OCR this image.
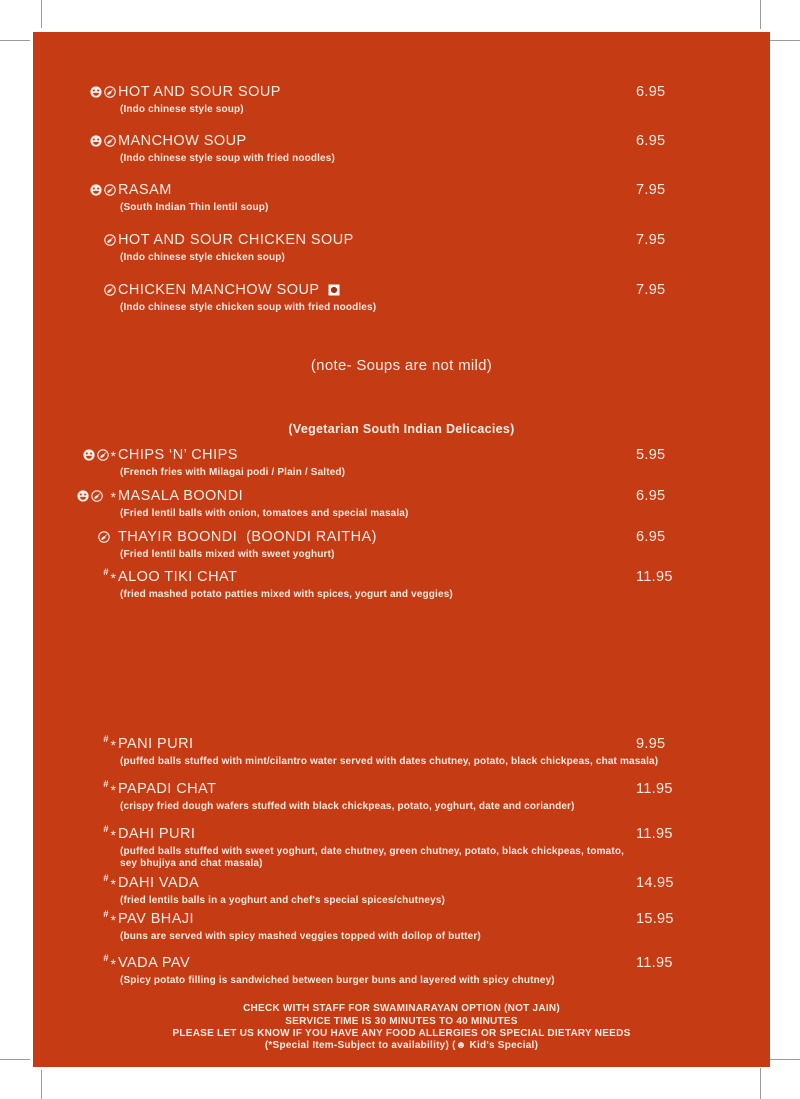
HOT AND SOUR SOUP
(Indo chinese style soup)
6.95
MANCHOW SOUP
(Indo chinese style soup with fried noodles)
6.95
RASAM
(South Indian Thin lentil soup)
7.95
HOT AND SOUR CHICKEN SOUP
(Indo chinese style chicken soup)
7.95
CHICKEN MANCHOW SOUP
(Indo chinese style chicken soup with fried noodles)
7.95
(note- Soups are not mild)
(Vegetarian South Indian Delicacies)
* CHIPS ‘N’ CHIPS
(French fries with Milagai podi / Plain / Salted)
5.95
* MASALA BOONDI
(Fried lentil balls with onion, tomatoes and special masala)
6.95
THAYIR BOONDI  (BOONDI RAITHA)
(Fried lentil balls mixed with sweet yoghurt)
6.95
# * ALOO TIKI CHAT
(fried mashed potato patties mixed with spices, yogurt and veggies)
11.95
# * PANI PURI
(puffed balls stuffed with mint/cilantro water served with dates chutney, potato, black chickpeas, chat masala)
9.95
# * PAPADI CHAT
(crispy fried dough wafers stuffed with black chickpeas, potato, yoghurt, date and coriander)
11.95
# * DAHI PURI
(puffed balls stuffed with sweet yoghurt, date chutney, green chutney, potato, black chickpeas, tomato,
sey bhujiya and chat masala)
11.95
# * DAHI VADA
(fried lentils balls in a yoghurt and chef's special spices/chutneys)
14.95
# * PAV BHAJI
(buns are served with spicy mashed veggies topped with dollop of butter)
15.95
# * VADA PAV
(Spicy potato filling is sandwiched between burger buns and layered with spicy chutney)
11.95
CHECK WITH STAFF FOR SWAMINARAYAN OPTION (NOT JAIN)
SERVICE TIME IS 30 MINUTES TO 40 MINUTES
PLEASE LET US KNOW IF YOU HAVE ANY FOOD ALLERGIES OR SPECIAL DIETARY NEEDS
(*Special Item-Subject to availability) (☻ Kid's Special)
